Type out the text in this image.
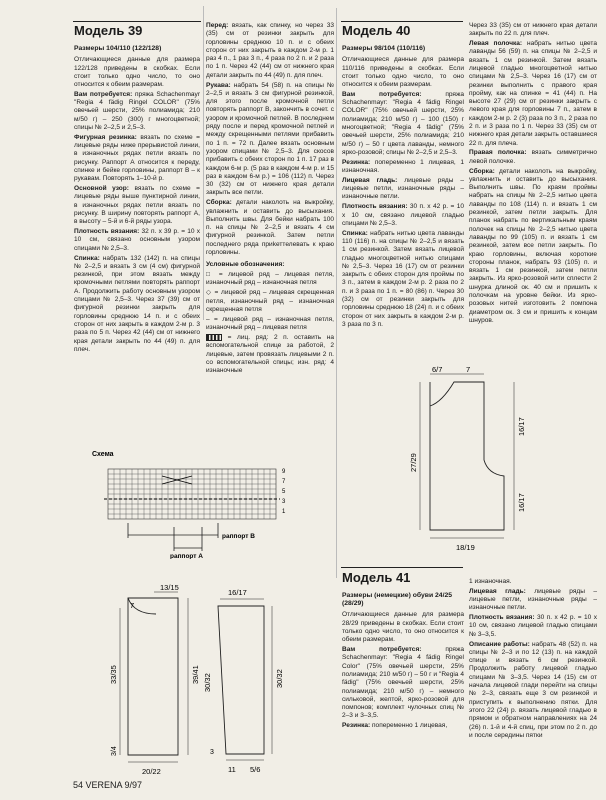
Модель 39
Размеры 104/110 (122/128)

Отличающиеся данные для размера 122/128 приведены в скобках. Если стоит только одно число, то оно относится к обеим размерам.

Вам потребуется: пряжа Schachenmayr "Regia 4 fädig Ringel COLOR" (75% овечьей шерсти, 25% полиамида; 210 м/50 г) – 250 (300) г многоцветной; спицы № 2–2,5 и 2,5–3.

Фигурная резинка: вязать по схеме = лицевые ряды ниже прерывистой линии, в изнаночных рядах петли вязать по рисунку. Раппорт А относится к переду, спинке и бейке горловины, раппорт В – к рукавам. Повторять 1–10-й р.

Основной узор: вязать по схеме = лицевые ряды выше пунктирной линии, в изнаночных рядах петли вязать по рисунку. В ширину повторять раппорт А, в высоту – 5-й и 6-й ряды узора.

Плотность вязания: 32 п. x 39 р. = 10 x 10 см, связано основным узором спицами № 2,5–3.

Спинка: набрать 132 (142) п. на спицы № 2–2,5 и вязать 3 см (4 см) фигурной резинкой, при этом вязать между кромочными петлями повторять раппорт А. Продолжить работу основным узором спицами № 2,5–3. Через 37 (39) см от фигурной резинки закрыть для горловины среднюю 14 п. и с обеих сторон от них закрыть в каждом 2-м р. 3 раза по 5 п. Через 42 (44) см от нижнего края детали закрыть по 44 (49) п. для плеч.

Перед: вязать, как спинку, но через 33 (35) см от резинки закрыть для горловины среднюю 10 п. и с обеих сторон от них закрыть в каждом 2-м р. 1 раз 4 п., 1 раз 3 п., 4 раза по 2 п. и 2 раза по 1 п. Через 42 (44) см от нижнего края детали закрыть по 44 (49) п. для плеч.

Рукава: набрать 54 (58) п. на спицы № 2–2,5 и вязать 3 см фигурной резинкой, для этого после кромочной петли повторять раппорт В, закончить в сочет. с узором и кромочной петлей. В последнем ряду после и перед кромочной петлей и между скрещенными петлями прибавить по 1 п. = 72 п. Далее вязать основным узором спицами № 2,5–3. Для скосов прибавить с обеих сторон по 1 п. 17 раз в каждом 6-м р. (5 раз в каждом 4-м р. и 15 раз в каждом 6-м р.) = 106 (112) п. Через 30 (32) см от нижнего края детали закрыть все петли.

Сборка: детали наколоть на выкройку, увлажнить и оставить до высыхания. Выполнить швы. Для бейки набрать 100 п. на спицы № 2–2,5 и вязать 4 см фигурной резинкой. Затем петли последнего ряда приkеттелевать к краю горловины.

Условные обозначения:

□ = лицевой ряд – лицевая петля, изнаночный ряд – изнаночная петля

◇ = лицевой ряд – лицевая скрещенная петля, изнаночный ряд – изнаночная скрещенная петля

– = лицевой ряд – изнаночная петля, изнаночный ряд – лицевая петля

= лиц. ряд: 2 п. оставить на вспомогательной спице за работой, 2 лицевые, затем провязать лицевыми 2 п. со вспомогательной спицы; изн. ряд: 4 изнаночные

Схема
9
7
5
3
1
раппорт В
раппорт А
13/15
7
20/22
39/41
33/35
3/4
16/17
30/32	30/32
3
11 5/6
Модель 40
Размеры 98/104 (110/116)

Отличающиеся данные для размера 110/116 приведены в скобках. Если стоит только одно число, то оно относится к обеим размерам.

Вам потребуется:	пряжа Schachenmayr: "Regia 4 fädig Ringel COLOR" (75% овечьей шерсти, 25% полиамида; 210 м/50 г) – 100 (150) г многоцветной; "Regia 4 fädig" (75% овечьей шерсти, 25% полиамида; 210 м/50 г) – 50 г цвета лаванды, немного ярко-розовой; спицы № 2–2,5 и 2,5–3.

Резинка: попеременно 1 лицевая, 1 изнаночная.

Лицевая гладь: лицевые ряды – лицевые петли, изнаночные ряды – изнаночные петли.

Плотность вязания: 30 п. x 42 р. = 10 x 10 см, связано лицевой гладью спицами № 2,5–3.

Спинка: набрать нитью цвета лаванды 110 (116) п. на спицы № 2–2,5 и вязать 1 см резинкой. Затем вязать лицевой гладью многоцветной нитью спицами № 2,5–3. Через 16 (17) см от резинки закрыть с обеих сторон для проймы по 3 п., затем в каждом 2-м р. 2 раза по 2 п. и 3 раза по 1 п. = 80 (86) п. Через 30 (32) см от резинки закрыть для горловины среднюю 18 (24) п. и с обеих сторон от них закрыть в каждом 2-м р. 3 раза по 3 п.

Через 33 (35) см от нижнего края детали закрыть по 22 п. для плеч.

Левая полочка: набрать нитью цвета лаванды 56 (59) п. на спицы № 2–2,5 и вязать 1 см резинкой. Затем вязать лицевой гладью многоцветной нитью спицами № 2,5–3. Через 16 (17) см от резинки выполнить с правого края пройму, как на спинке = 41 (44) п. На высоте 27 (29) см от резинки закрыть с левого края для горловины 7 п., затем в каждом 2-м р. 2 (3) раза по 3 п., 2 раза по 2 п. и 3 раза по 1 п. Через 33 (35) см от нижнего края детали закрыть оставшиеся 22 п. для плеча.

Правая полочка: вязать симметрично левой полочке.

Сборка: детали наколоть на выкройку, увлажнить и оставить до высыхания. Выполнить швы. По краям проймы набрать на спицы № 2–2,5 нитью цвета лаванды по 108 (114) п. и вязать 1 см резинкой, затем петли закрыть. Для планок набрать по вертикальным краям полочек на спицы № 2–2,5 нитью цвета лаванды по 99 (105) п. и вязать 1 см резинкой, затем все петли закрыть. По краю горловины, включая короткие стороны планок, набрать 93 (105) п. и вязать 1 см резинкой, затем петли закрыть. Из ярко-розовой нити сплести 2 шнурка длиной ок. 40 см и пришить к полочкам на уровне бейки. Из ярко-розовых нитей изготовить 2 помпона диаметром ок. 3 см и пришить к концам шнуров.

6/7	7
16/17
27/29
16/17
18/19
Модель 41
Размеры (немецкие) обуви 24/25 (28/29)

Отличающиеся данные для размера 28/29 приведены в скобках. Если стоит только одно число, то оно относится к обеим размерам.

Вам потребуется:	пряжа Schachenmayr: "Regia 4 fädig Ringel Color" (75% овечьей шерсти, 25% полиамида; 210 м/50 г) – 50 г и "Regia 4 fädig" (75% овечьей шерсти, 25% полиамида; 210 м/50 г) – немного сильковой, желтой, ярко-розовой для помпонов; комплект чулочных спиц № 2–3 и 3–3,5.

Резинка: попеременно 1 лицевая,

1 изнаночная.

Лицевая гладь: лицевые ряды – лицевые петли, изнаночные ряды – изнаночные петли.

Плотность вязания: 30 п. x 42 р. = 10 x 10 см, связано лицевой гладью спицами № 3–3,5.

Описание работы: набрать 48 (52) п. на спицы № 2–3 и по 12 (13) п. на каждой спице и вязать 6 см резинкой. Продолжить работу лицевой гладью спицами № 3–3,5. Через 14 (15) см от начала лицевой глади перейти на спицы № 2–3, связать еще 3 см резинкой и приступить к выполнению пятки. Для этого 22 (24) р. вязать лицевой гладью в прямом и обратном направлениях на 24 (26) п. 1-й и 4-й спиц, при этом по 2 п. до и после середины пятки

54 VERENA 9/97
